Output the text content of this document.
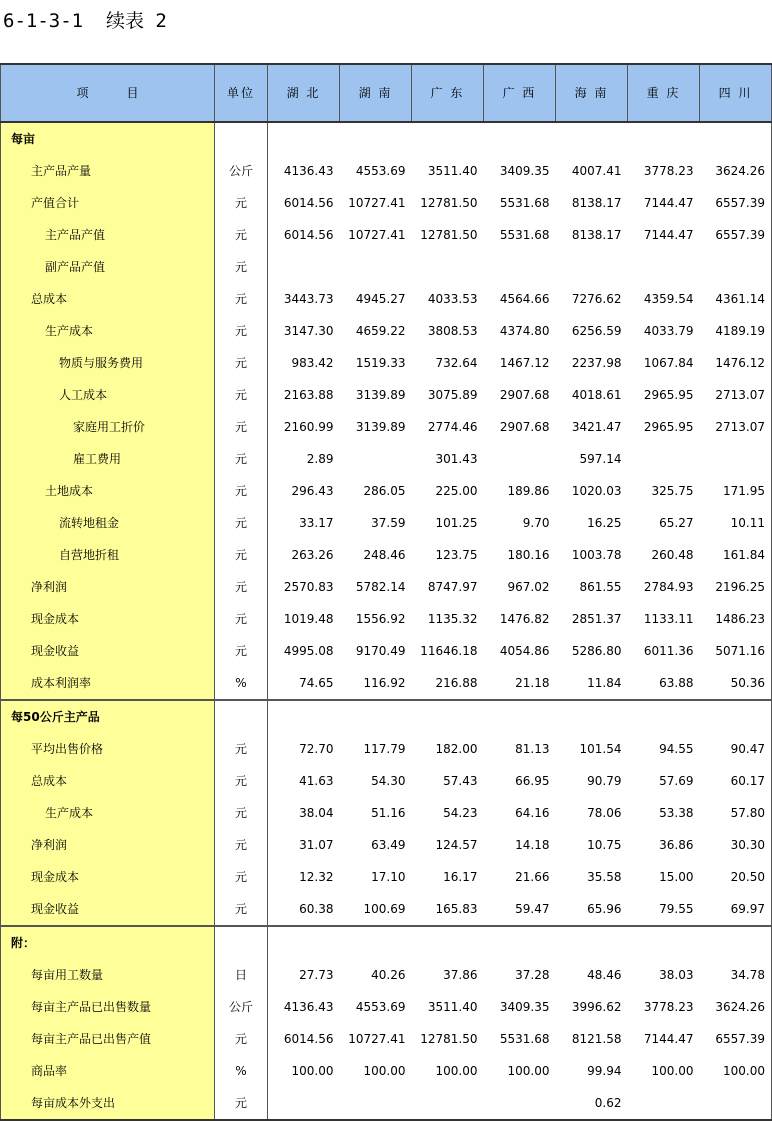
6-1-3-1  续表 2
项 目	单位	湖 北	湖 南	广 东	广 西	海 南	重 庆	四 川
每亩								
主产品产量	公斤	4136.43	4553.69	3511.40	3409.35	4007.41	3778.23	3624.26
产值合计	元	6014.56	10727.41	12781.50	5531.68	8138.17	7144.47	6557.39
主产品产值	元	6014.56	10727.41	12781.50	5531.68	8138.17	7144.47	6557.39
副产品产值	元							
总成本	元	3443.73	4945.27	4033.53	4564.66	7276.62	4359.54	4361.14
生产成本	元	3147.30	4659.22	3808.53	4374.80	6256.59	4033.79	4189.19
物质与服务费用	元	983.42	1519.33	732.64	1467.12	2237.98	1067.84	1476.12
人工成本	元	2163.88	3139.89	3075.89	2907.68	4018.61	2965.95	2713.07
家庭用工折价	元	2160.99	3139.89	2774.46	2907.68	3421.47	2965.95	2713.07
雇工费用	元	2.89		301.43		597.14		
土地成本	元	296.43	286.05	225.00	189.86	1020.03	325.75	171.95
流转地租金	元	33.17	37.59	101.25	9.70	16.25	65.27	10.11
自营地折租	元	263.26	248.46	123.75	180.16	1003.78	260.48	161.84
净利润	元	2570.83	5782.14	8747.97	967.02	861.55	2784.93	2196.25
现金成本	元	1019.48	1556.92	1135.32	1476.82	2851.37	1133.11	1486.23
现金收益	元	4995.08	9170.49	11646.18	4054.86	5286.80	6011.36	5071.16
成本利润率	%	74.65	116.92	216.88	21.18	11.84	63.88	50.36
每50公斤主产品								
平均出售价格	元	72.70	117.79	182.00	81.13	101.54	94.55	90.47
总成本	元	41.63	54.30	57.43	66.95	90.79	57.69	60.17
生产成本	元	38.04	51.16	54.23	64.16	78.06	53.38	57.80
净利润	元	31.07	63.49	124.57	14.18	10.75	36.86	30.30
现金成本	元	12.32	17.10	16.17	21.66	35.58	15.00	20.50
现金收益	元	60.38	100.69	165.83	59.47	65.96	79.55	69.97
附：								
每亩用工数量	日	27.73	40.26	37.86	37.28	48.46	38.03	34.78
每亩主产品已出售数量	公斤	4136.43	4553.69	3511.40	3409.35	3996.62	3778.23	3624.26
每亩主产品已出售产值	元	6014.56	10727.41	12781.50	5531.68	8121.58	7144.47	6557.39
商品率	%	100.00	100.00	100.00	100.00	99.94	100.00	100.00
每亩成本外支出	元					0.62		
